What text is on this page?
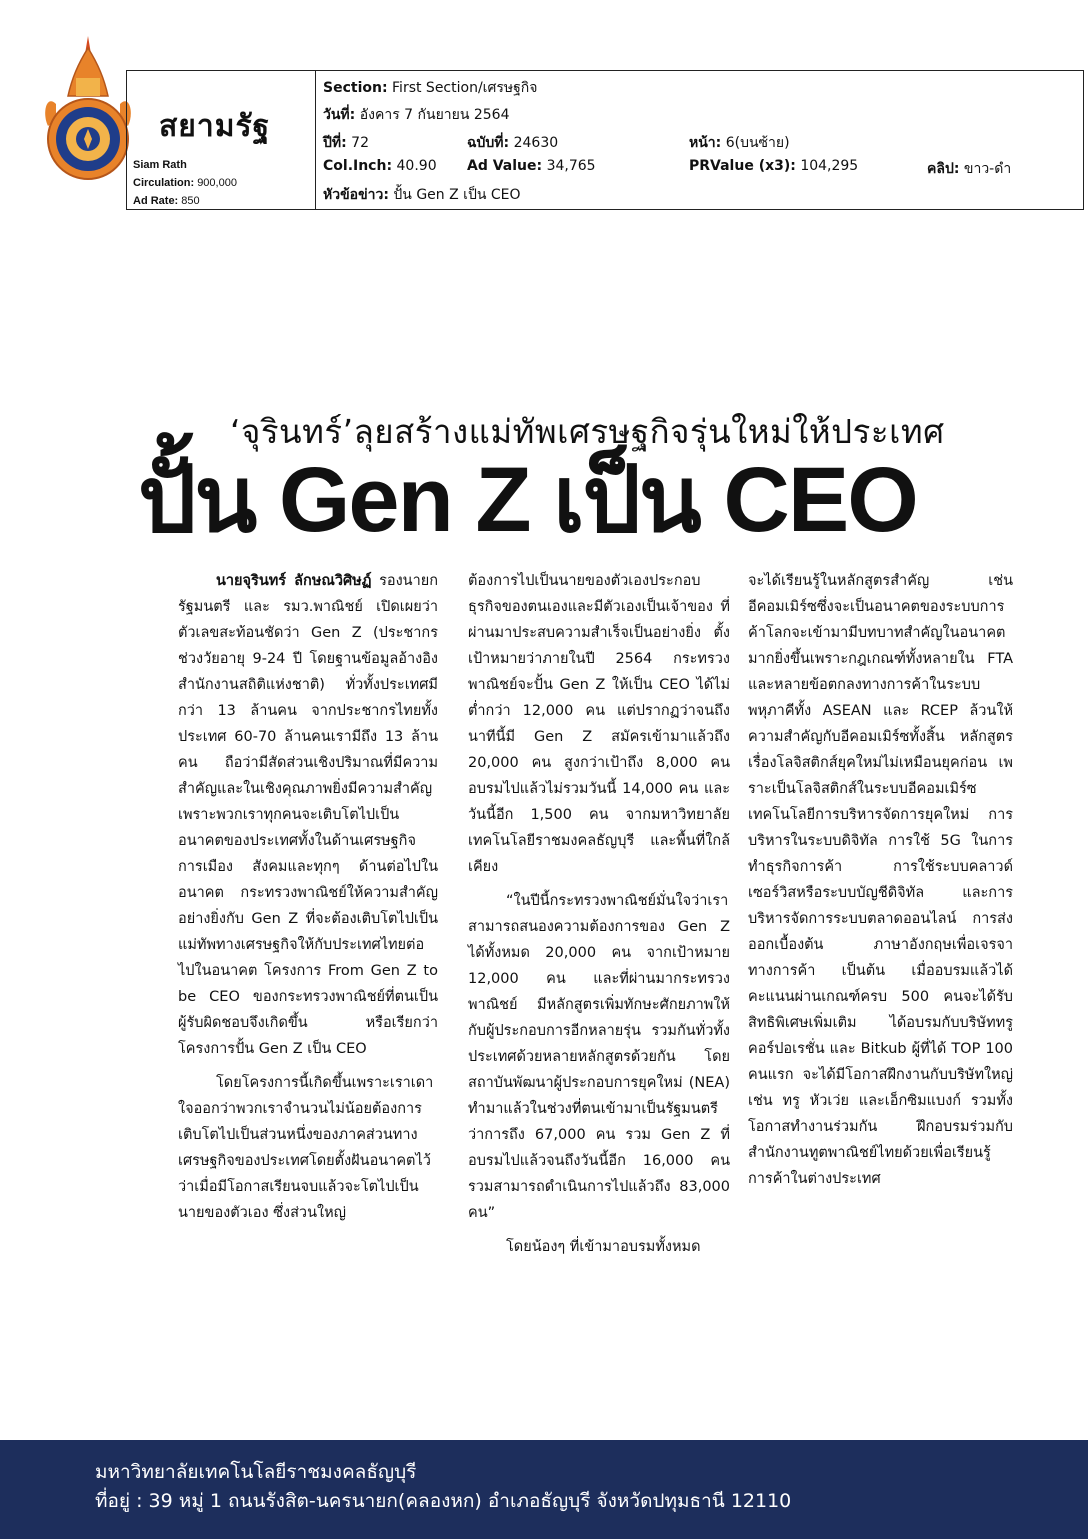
สยามรัฐ
Siam Rath
Circulation: 900,000
Ad Rate: 850
Section: First Section/เศรษฐกิจ
วันที่: อังคาร 7 กันยายน 2564
ปีที่: 72	ฉบับที่: 24630	หน้า: 6(บนซ้าย)
Col.Inch: 40.90 Ad Value: 34,765	PRValue (x3): 104,295	คลิป: ขาว-ดำ
หัวข้อข่าว: ปั้น Gen Z เป็น CEO
‘จุรินทร์’ลุยสร้างแม่ทัพเศรษฐกิจรุ่นใหม่ให้ประเทศ
ปั้น Gen Z เป็น CEO

นายจุรินทร์ ลักษณวิศิษฏ์ รองนายกรัฐมนตรี และ รมว.พาณิชย์ เปิดเผยว่า ตัวเลขสะท้อนชัดว่า Gen Z (ประชากรช่วงวัยอายุ 9-24 ปี โดยฐานข้อมูลอ้างอิงสำนักงานสถิติแห่งชาติ) ทั่วทั้งประเทศมีกว่า 13 ล้านคน จากประชากรไทยทั้งประเทศ 60-70 ล้านคนเรามีถึง 13 ล้านคน ถือว่ามีสัดส่วนเชิงปริมาณที่มีความสำคัญและในเชิงคุณภาพยิ่งมีความสำคัญเพราะพวกเราทุกคนจะเติบโตไปเป็นอนาคตของประเทศทั้งในด้านเศรษฐกิจ การเมือง สังคมและทุกๆ ด้านต่อไปในอนาคต กระทรวงพาณิชย์ให้ความสำคัญอย่างยิ่งกับ Gen Z ที่จะต้องเติบโตไปเป็นแม่ทัพทางเศรษฐกิจให้กับประเทศไทยต่อไปในอนาคต โครงการ From Gen Z to be CEO ของกระทรวงพาณิชย์ที่ตนเป็นผู้รับผิดชอบจึงเกิดขึ้น หรือเรียกว่าโครงการปั้น Gen Z เป็น CEO

โดยโครงการนี้เกิดขึ้นเพราะเราเดาใจออกว่าพวกเราจำนวนไม่น้อยต้องการเติบโตไปเป็นส่วนหนึ่งของภาคส่วนทางเศรษฐกิจของประเทศโดยตั้งฝันอนาคตไว้ว่าเมื่อมีโอกาสเรียนจบแล้วจะโตไปเป็นนายของตัวเอง ซึ่งส่วนใหญ่

ต้องการไปเป็นนายของตัวเองประกอบธุรกิจของตนเองและมีตัวเองเป็นเจ้าของ ที่ผ่านมาประสบความสำเร็จเป็นอย่างยิ่ง ตั้งเป้าหมายว่าภายในปี 2564 กระทรวงพาณิชย์จะปั้น Gen Z ให้เป็น CEO ได้ไม่ต่ำกว่า 12,000 คน แต่ปรากฏว่าจนถึงนาทีนี้มี Gen Z สมัครเข้ามาแล้วถึง 20,000 คน สูงกว่าเป้าถึง 8,000 คน อบรมไปแล้วไม่รวมวันนี้ 14,000 คน และวันนี้อีก 1,500 คน จากมหาวิทยาลัยเทคโนโลยีราชมงคลธัญบุรี และพื้นที่ใกล้เคียง

“ในปีนี้กระทรวงพาณิชย์มั่นใจว่าเราสามารถสนองความต้องการของ Gen Z ได้ทั้งหมด 20,000 คน จากเป้าหมาย 12,000 คน และที่ผ่านมากระทรวงพาณิชย์ มีหลักสูตรเพิ่มทักษะศักยภาพให้กับผู้ประกอบการอีกหลายรุ่น รวมกันทั่วทั้งประเทศด้วยหลายหลักสูตรด้วยกัน โดยสถาบันพัฒนาผู้ประกอบการยุคใหม่ (NEA) ทำมาแล้วในช่วงที่ตนเข้ามาเป็นรัฐมนตรีว่าการถึง 67,000 คน รวม Gen Z ที่อบรมไปแล้วจนถึงวันนี้อีก 16,000 คน รวมสามารถดำเนินการไปแล้วถึง 83,000 คน”

โดยน้องๆ ที่เข้ามาอบรมทั้งหมด

จะได้เรียนรู้ในหลักสูตรสำคัญ เช่นอีคอมเมิร์ซซึ่งจะเป็นอนาคตของระบบการค้าโลกจะเข้ามามีบทบาทสำคัญในอนาคตมากยิ่งขึ้นเพราะกฎเกณฑ์ทั้งหลายใน FTA และหลายข้อตกลงทางการค้าในระบบพหุภาคีทั้ง ASEAN และ RCEP ล้วนให้ความสำคัญกับอีคอมเมิร์ซทั้งสิ้น หลักสูตรเรื่องโลจิสติกส์ยุคใหม่ไม่เหมือนยุคก่อน เพราะเป็นโลจิสติกส์ในระบบอีคอมเมิร์ซ เทคโนโลยีการบริหารจัดการยุคใหม่ การบริหารในระบบดิจิทัล การใช้ 5G ในการทำธุรกิจการค้า การใช้ระบบคลาวด์เซอร์วิสหรือระบบบัญชีดิจิทัล และการบริหารจัดการระบบตลาดออนไลน์ การส่งออกเบื้องต้น ภาษาอังกฤษเพื่อเจรจาทางการค้า เป็นต้น เมื่ออบรมแล้วได้คะแนนผ่านเกณฑ์ครบ 500 คนจะได้รับสิทธิพิเศษเพิ่มเติม ได้อบรมกับบริษัททรูคอร์ปอเรชั่น และ Bitkub ผู้ที่ได้ TOP 100 คนแรก จะได้มีโอกาสฝึกงานกับบริษัทใหญ่ เช่น ทรู หัวเว่ย และเอ็กซิมแบงก์ รวมทั้งโอกาสทำงานร่วมกัน ฝึกอบรมร่วมกับสำนักงานทูตพาณิชย์ไทยด้วยเพื่อเรียนรู้การค้าในต่างประเทศ

มหาวิทยาลัยเทคโนโลยีราชมงคลธัญบุรี
ที่อยู่ : 39 หมู่ 1 ถนนรังสิต-นครนายก(คลองหก) อำเภอธัญบุรี จังหวัดปทุมธานี 12110
